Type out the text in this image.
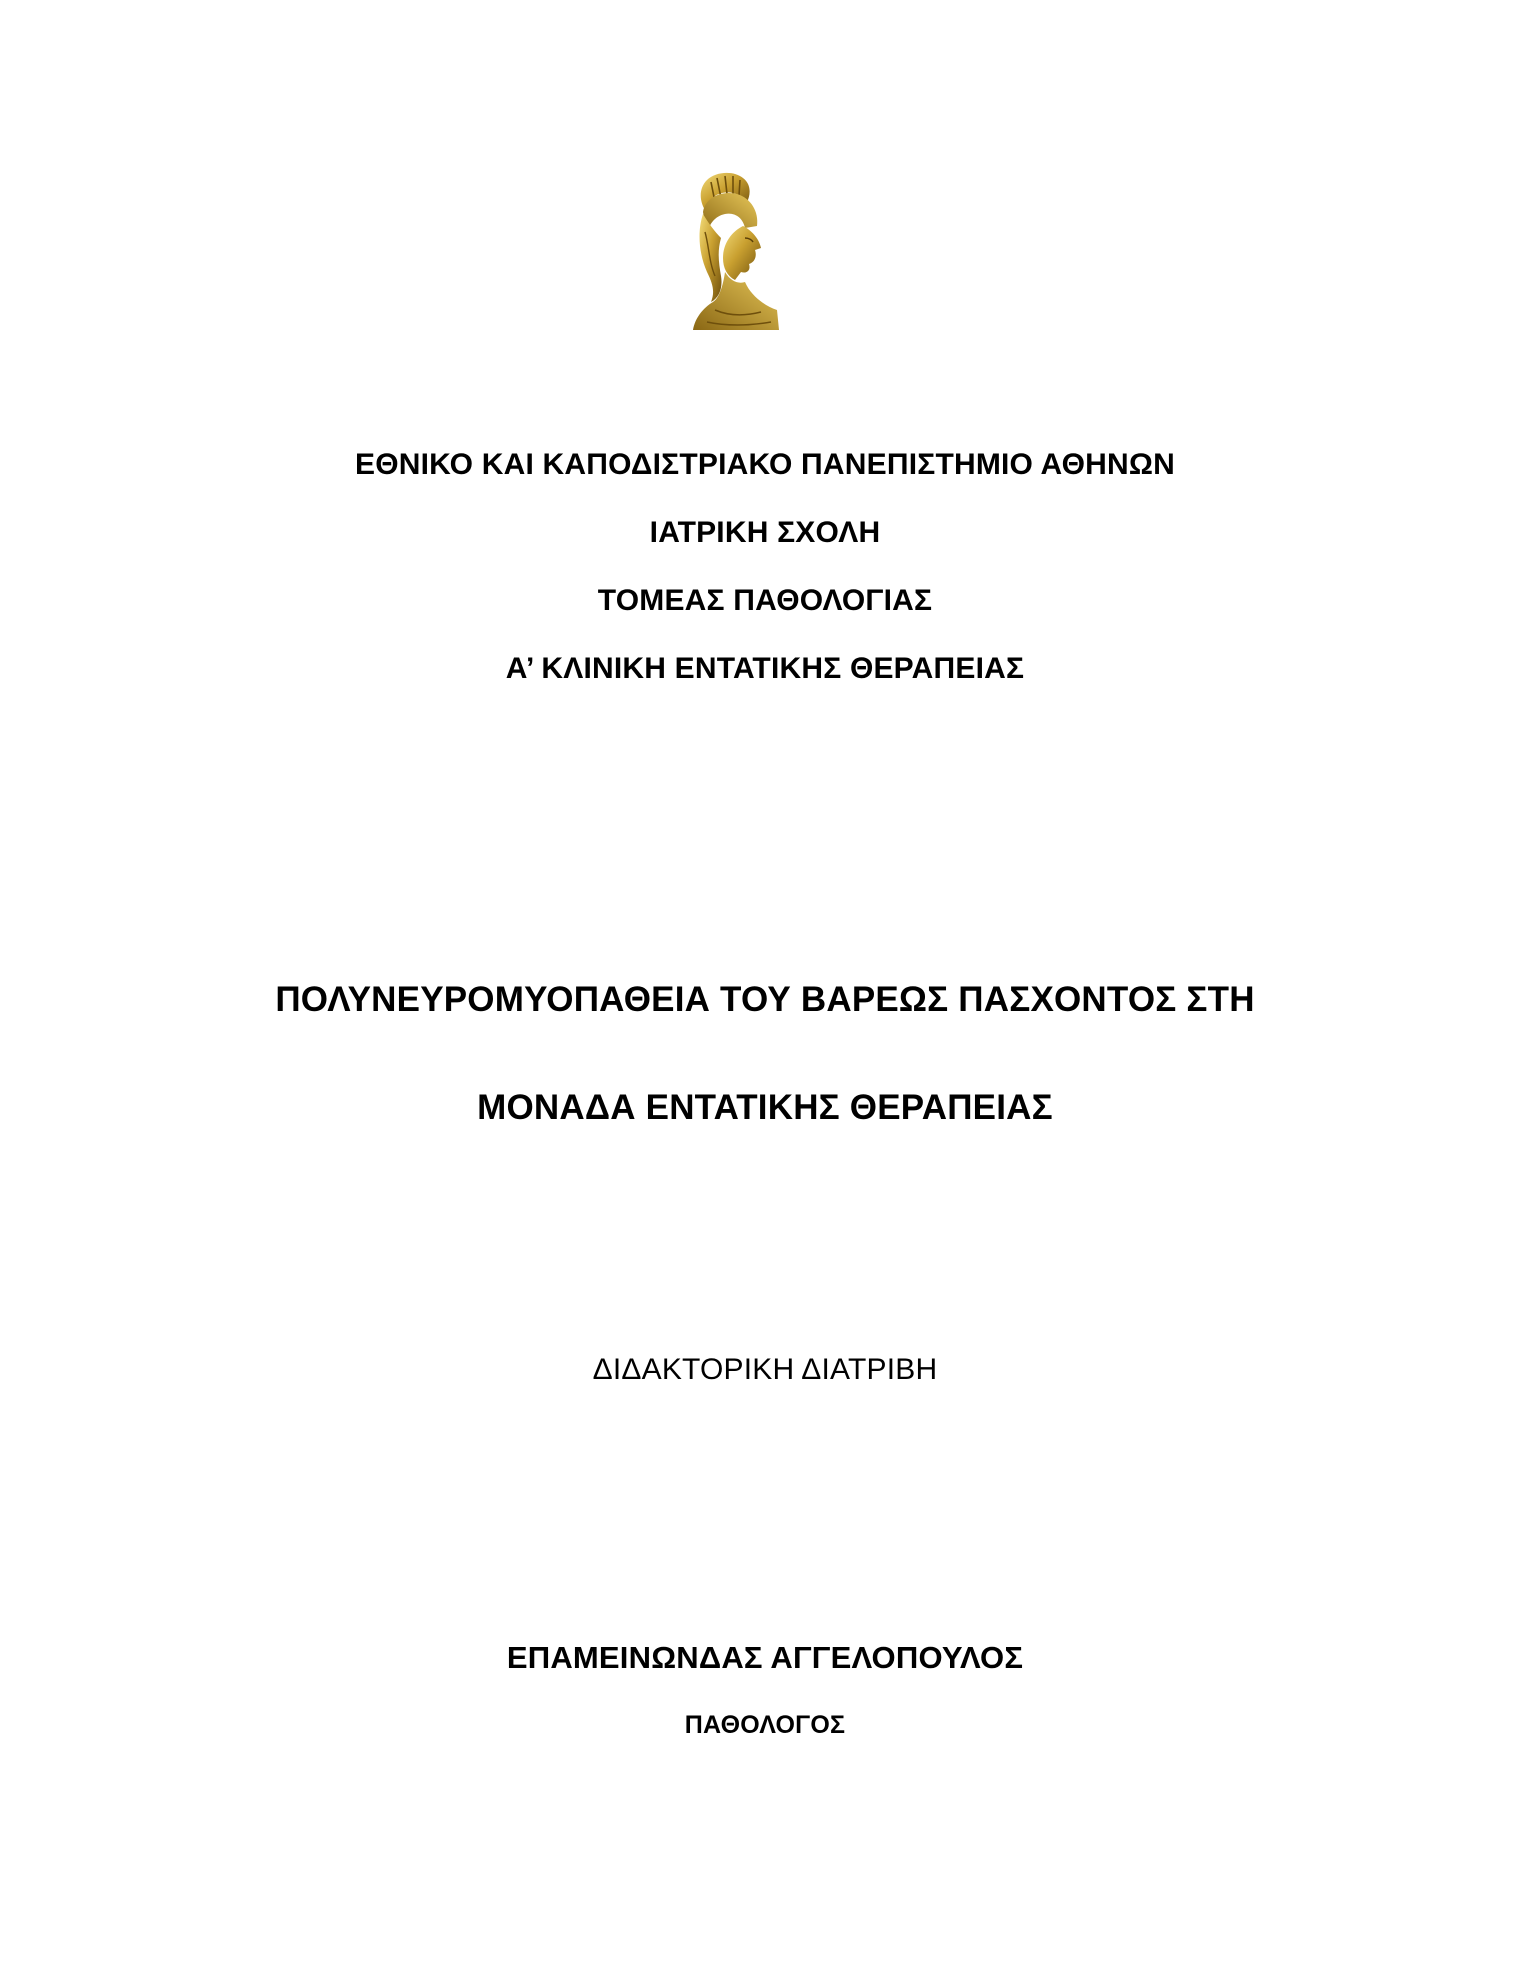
ΕΘΝΙΚΟ ΚΑΙ ΚΑΠΟΔΙΣΤΡΙΑΚΟ ΠΑΝΕΠΙΣΤΗΜΙΟ ΑΘΗΝΩΝ
ΙΑΤΡΙΚΗ ΣΧΟΛΗ
ΤΟΜΕΑΣ ΠΑΘΟΛΟΓΙΑΣ
Α’ ΚΛΙΝΙΚΗ ΕΝΤΑΤΙΚΗΣ ΘΕΡΑΠΕΙΑΣ
ΠΟΛΥΝΕΥΡΟΜΥΟΠΑΘΕΙΑ ΤΟΥ ΒΑΡΕΩΣ ΠΑΣΧΟΝΤΟΣ ΣΤΗ
ΜΟΝΑΔΑ ΕΝΤΑΤΙΚΗΣ ΘΕΡΑΠΕΙΑΣ
ΔΙΔΑΚΤΟΡΙΚΗ ΔΙΑΤΡΙΒΗ
ΕΠΑΜΕΙΝΩΝΔΑΣ ΑΓΓΕΛΟΠΟΥΛΟΣ
ΠΑΘΟΛΟΓΟΣ
